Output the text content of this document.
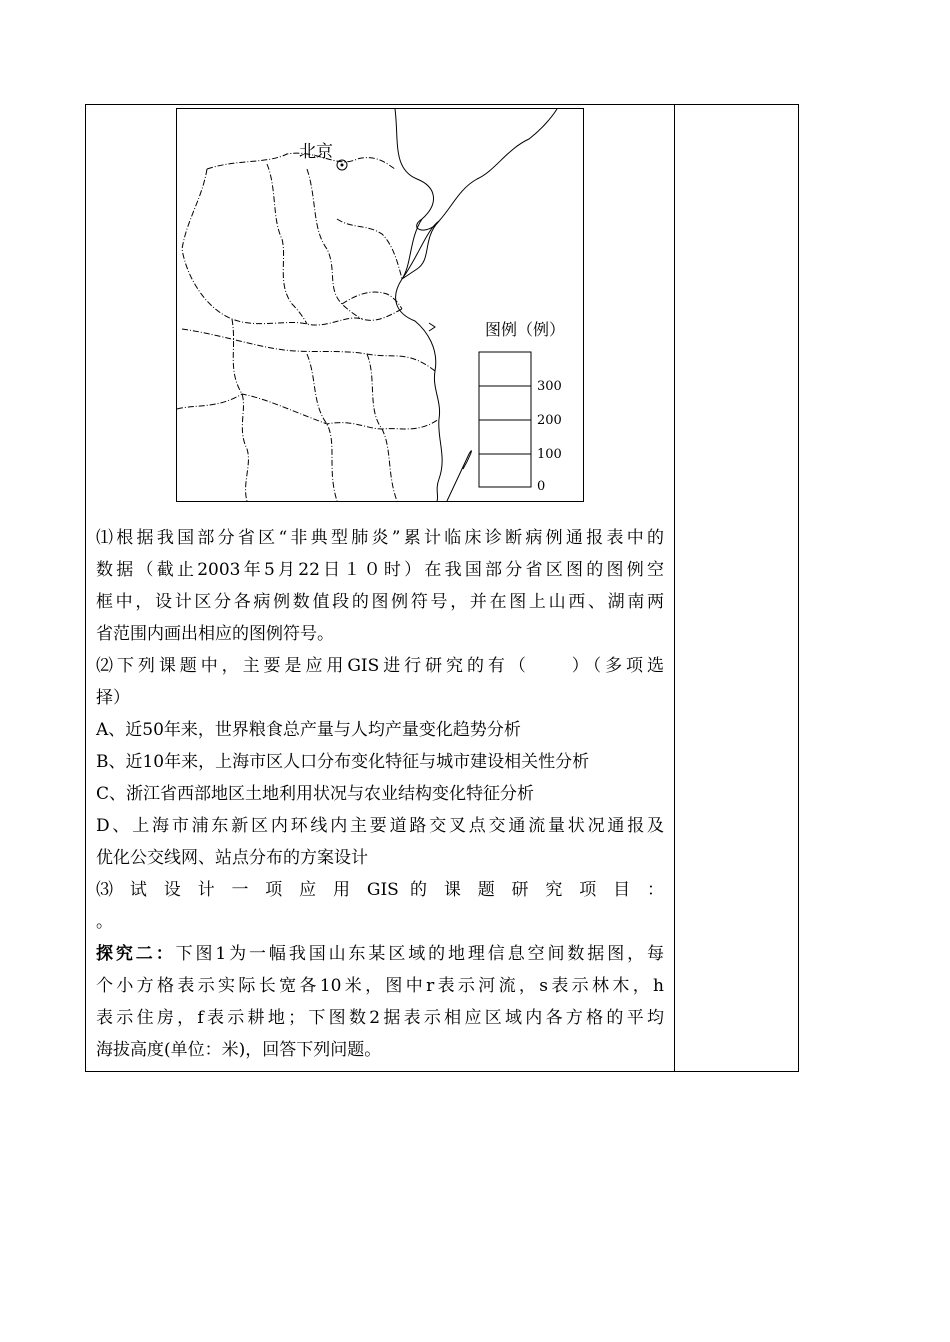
北京
图例（例）
300
200
100
0

⑴根据我国部分省区“非典型肺炎”累计临床诊断病例通报表中的

数据（截止2003年5月22日１０时）在我国部分省区图的图例空

框中，设计区分各病例数值段的图例符号，并在图上山西、湖南两

省范围内画出相应的图例符号。

⑵下列课题中，主要是应用GIS进行研究的有（　　）（多项选

择）

A、近50年来，世界粮食总产量与人均产量变化趋势分析

B、近10年来，上海市区人口分布变化特征与城市建设相关性分析

C、浙江省西部地区土地利用状况与农业结构变化特征分析

D、上海市浦东新区内环线内主要道路交叉点交通流量状况通报及

优化公交线网、站点分布的方案设计

⑶ 试 设 计 一 项 应 用 GIS 的 课 题 研 究 项 目 ：

。

探究二：下图1为一幅我国山东某区域的地理信息空间数据图，每

个小方格表示实际长宽各10米，图中r表示河流，s表示林木，h

表示住房，f表示耕地；下图数2据表示相应区域内各方格的平均

海拔高度(单位：米)，回答下列问题。
